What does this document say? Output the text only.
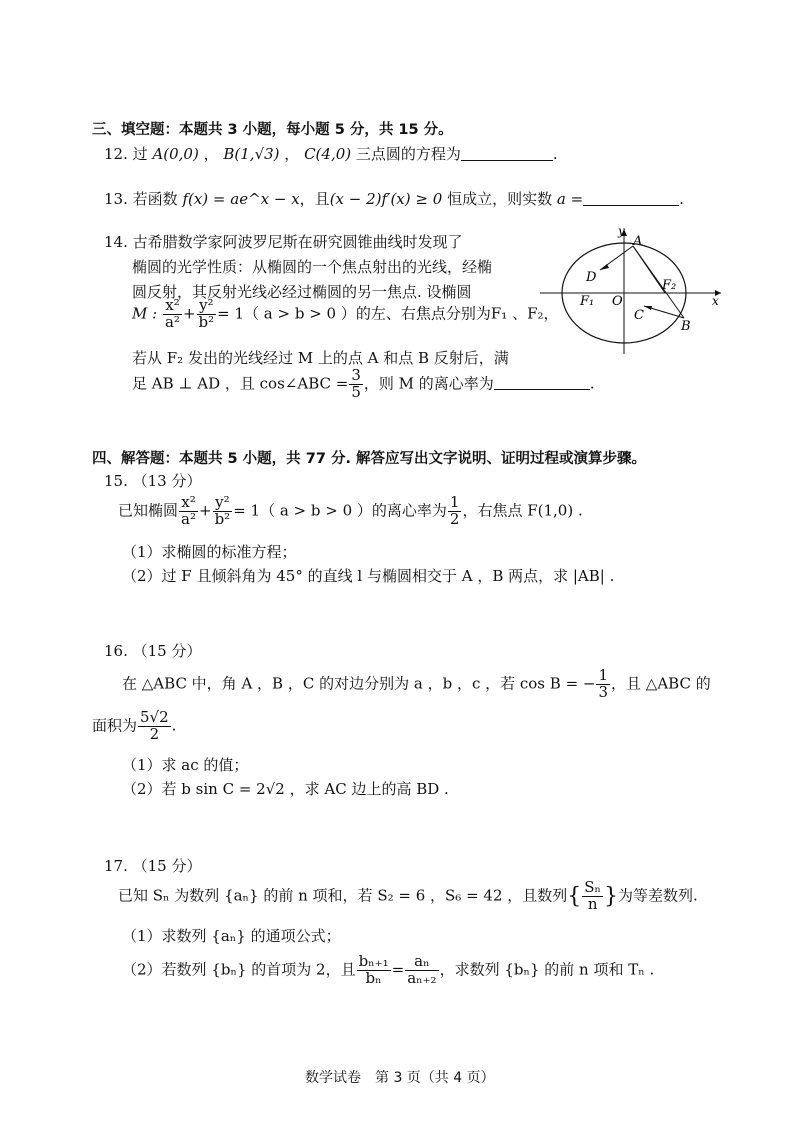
三、填空题：本题共 3 小题，每小题 5 分，共 15 分。
12. 过 A(0,0) ， B(1,√3) ， C(4,0) 三点圆的方程为	.
13. 若函数 f(x) = ae^x − x，且(x − 2)f′(x) ≥ 0 恒成立，则实数 a =	.
14. 古希腊数学家阿波罗尼斯在研究圆锥曲线时发现了
椭圆的光学性质：从椭圆的一个焦点射出的光线，经椭
圆反射，其反射光线必经过椭圆的另一焦点. 设椭圆
M : $\frac{\text{x²}}{\text{a²}} + \frac{\text{y²}}{\text{b²}} = 1$（ a > b > 0 ）的左、右焦点分别为F₁ 、F₂，
若从 F₂ 发出的光线经过 M 上的点 A 和点 B 反射后，满
足 AB ⊥ AD ，且 cos∠ABC = $\frac{3}{5}$ ，则 M 的离心率为	.
y
x
A
D
F₁ O
F₂
C
B
四、解答题：本题共 5 小题，共 77 分. 解答应写出文字说明、证明过程或演算步骤。
15. （13 分）
已知椭圆 $\frac{\text{x²}}{\text{a²}} + \frac{\text{y²}}{\text{b²}} = 1$（ a > b > 0 ）的离心率为 $\frac{1}{2}$ ，右焦点 F(1,0) .
（1）求椭圆的标准方程；
（2）过 F 且倾斜角为 45° 的直线 l 与椭圆相交于 A ，B 两点，求 |AB| .
16. （15 分）
在 △ABC 中，角 A ，B ，C 的对边分别为 a ，b ，c ，若 cos B = − $\frac{1}{3}$ ，且 △ABC 的
面积为 $\frac{5√2}{2}$ .
（1）求 ac 的值；
（2）若 b sin C = 2√2 ，求 AC 边上的高 BD .
17. （15 分）
已知 Sₙ 为数列 {aₙ} 的前 n 项和，若 S₂ = 6 ，S₆ = 42 ，且数列{ $\frac{\text{Sₙ}}{n}$ }为等差数列.
（1）求数列 {aₙ} 的通项公式；
（2）若数列 {bₙ} 的首项为 2，且 $\frac{\text{bₙ₊₁}}{\text{bₙ}} = \frac{\text{aₙ}}{\text{aₙ₊₂}}$ ，求数列 {bₙ} 的前 n 项和 Tₙ .
数学试卷　第 3 页（共 4 页）
